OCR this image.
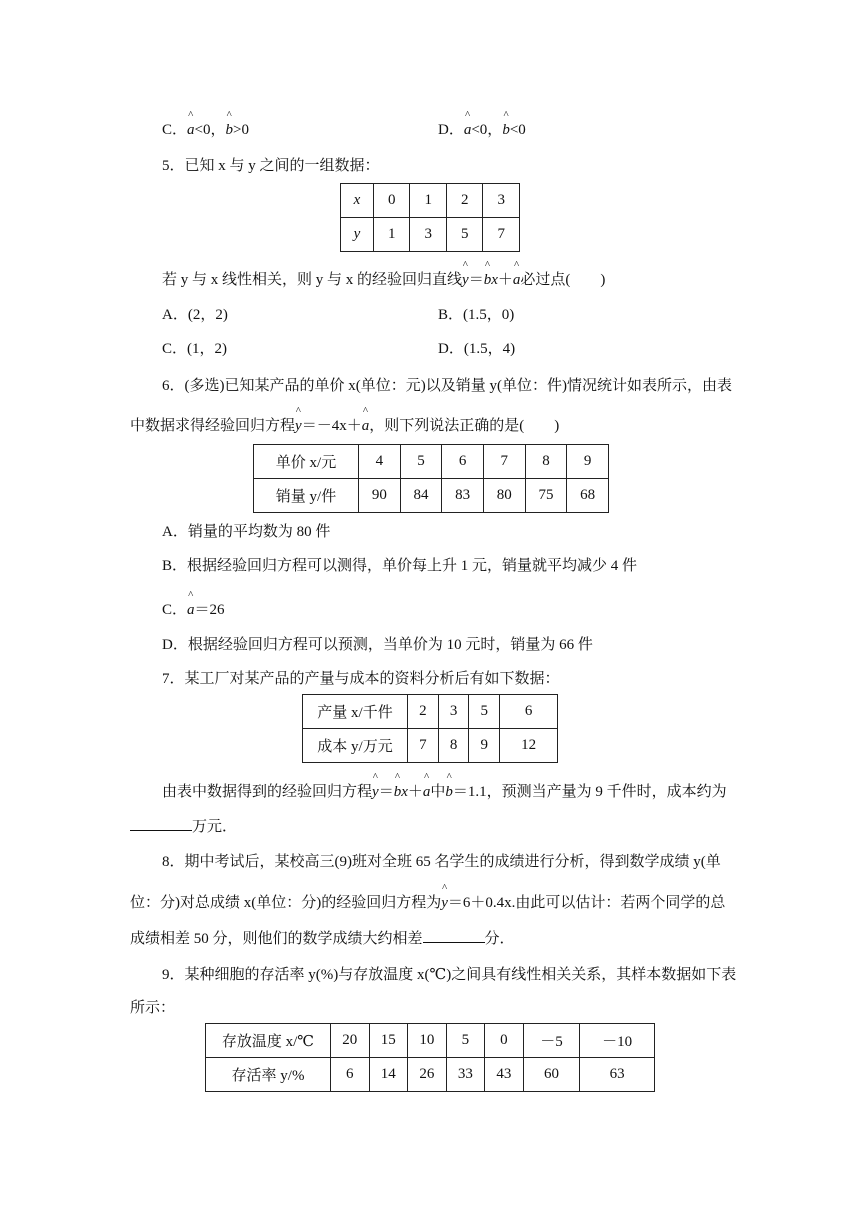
C．^ a<0，^ b>0	D．^ a<0，^ b<0
5．已知 x 与 y 之间的一组数据：
x	0	1	2	3
y	1	3	5	7
若 y 与 x 线性相关，则 y 与 x 的经验回归直线^ y＝^ bx＋^ a必过点(　　)
A．(2，2)	B．(1.5，0)
C．(1，2)	D．(1.5，4)
6．(多选)已知某产品的单价 x(单位：元)以及销量 y(单位：件)情况统计如表所示，由表
中数据求得经验回归方程^ y＝－4x＋^ a，则下列说法正确的是(　　)
单价 x/元	4	5	6	7	8	9
销量 y/件	90	84	83	80	75	68
A．销量的平均数为 80 件
B．根据经验回归方程可以测得，单价每上升 1 元，销量就平均减少 4 件
C．^ a＝26
D．根据经验回归方程可以预测，当单价为 10 元时，销量为 66 件
7．某工厂对某产品的产量与成本的资料分析后有如下数据：
产量 x/千件	2	3	5	6
成本 y/万元	7	8	9	12
由表中数据得到的经验回归方程^ y＝^ bx＋^ a中^ b＝1.1，预测当产量为 9 千件时，成本约为
万元．
8．期中考试后，某校高三(9)班对全班 65 名学生的成绩进行分析，得到数学成绩 y(单
位：分)对总成绩 x(单位：分)的经验回归方程为^ y＝6＋0.4x.由此可以估计：若两个同学的总
成绩相差 50 分，则他们的数学成绩大约相差	分．
9．某种细胞的存活率 y(%)与存放温度 x(℃)之间具有线性相关关系，其样本数据如下表
所示：
存放温度 x/℃	20	15	10	5	0	－5	－10
存活率 y/%	6	14	26	33	43	60	63
